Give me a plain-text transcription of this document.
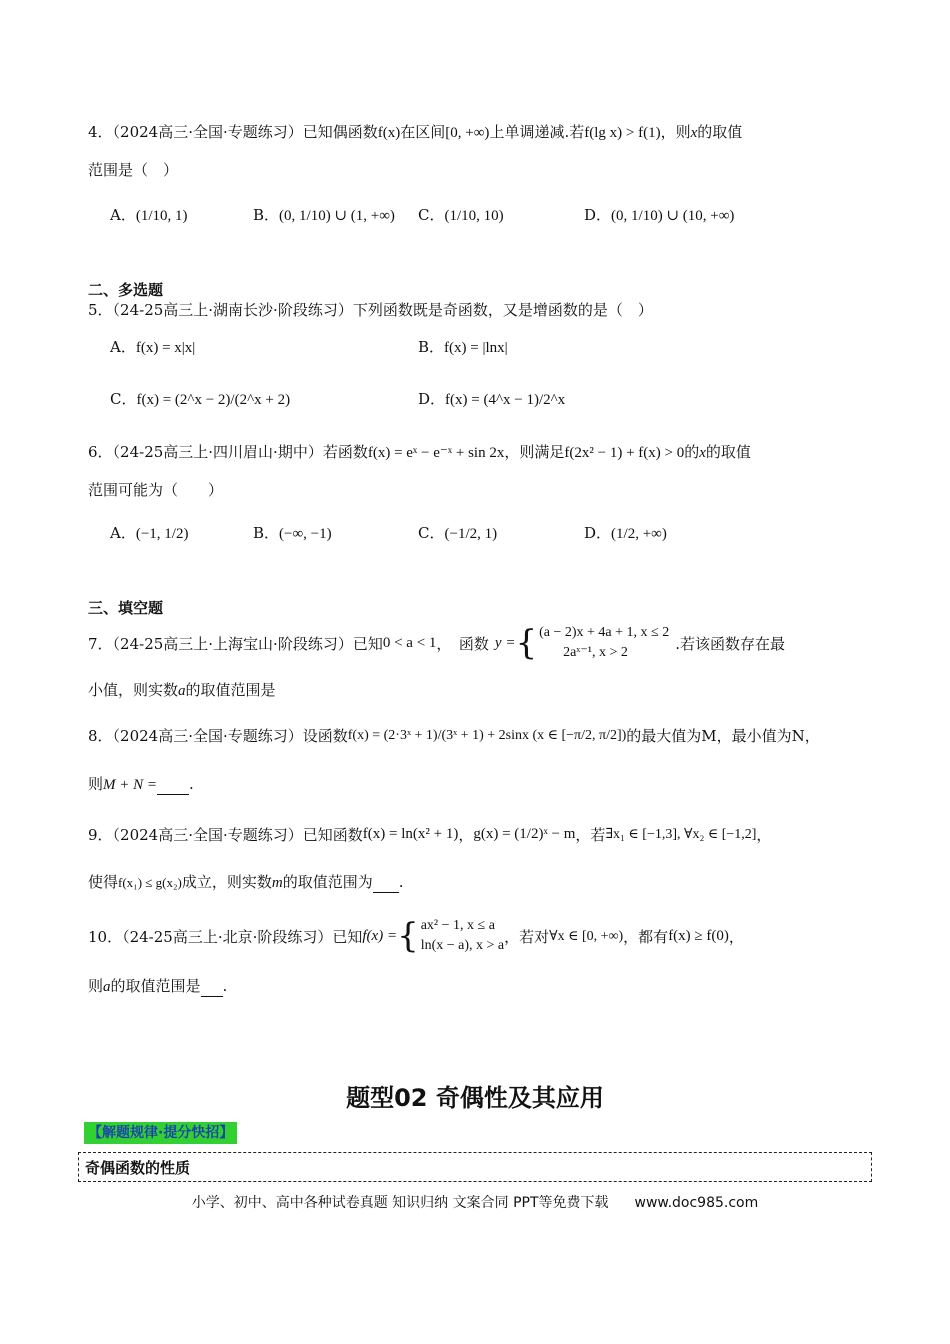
4．（2024高三·全国·专题练习）已知偶函数f(x)在区间[0, +∞)上单调递减.若f(lg x) > f(1)，则x的取值
范围是（　）
A．(1/10, 1)	B．(0, 1/10) ∪ (1, +∞) C．(1/10, 10)	D．(0, 1/10) ∪ (10, +∞)
二、多选题
5．（24-25高三上·湖南长沙·阶段练习）下列函数既是奇函数，又是增函数的是（　）
A．f(x) = x|x|	B．f(x) = |lnx|
C．f(x) = (2^x − 2)/(2^x + 2)	D．f(x) = (4^x − 1)/2^x
6．（24-25高三上·四川眉山·期中）若函数f(x) = eˣ − e⁻ˣ + sin 2x，则满足f(2x² − 1) + f(x) > 0的x的取值
范围可能为（　　）
A．(−1, 1/2)	B．(−∞, −1)	C．(−1/2, 1)	D．(1/2, +∞)
三、填空题
7．（24-25高三上·上海宝山·阶段练习）已知 0 < a < 1 ，　函数 y = { (a − 2)x + 4a + 1, x ≤ 2
2aˣ⁻¹, x > 2	.若该函数存在最
小值，则实数a的取值范围是
8．（2024高三·全国·专题练习）设函数 f(x) = (2·3ˣ + 1)/(3ˣ + 1) + 2sinx (x ∈ [−π/2, π/2]) 的最大值为M，最小值为N，
则M + N = .
9．（2024高三·全国·专题练习）已知函数 f(x) = ln(x² + 1) ， g(x) = (1/2)ˣ − m ，若 ∃x₁ ∈ [−1,3], ∀x₂ ∈ [−1,2] ，
使得f(x₁) ≤ g(x₂)成立，则实数m的取值范围为 .
10．（24-25高三上·北京·阶段练习）已知 f(x) = { ax² − 1, x ≤ a
ln(x − a), x > a ，若对 ∀x ∈ [0, +∞) ，都有 f(x) ≥ f(0) ，
则a的取值范围是 .
题型02 奇偶性及其应用
【解题规律·提分快招】
奇偶函数的性质
小学、初中、高中各种试卷真题 知识归纳 文案合同 PPT等免费下载 www.doc985.com
